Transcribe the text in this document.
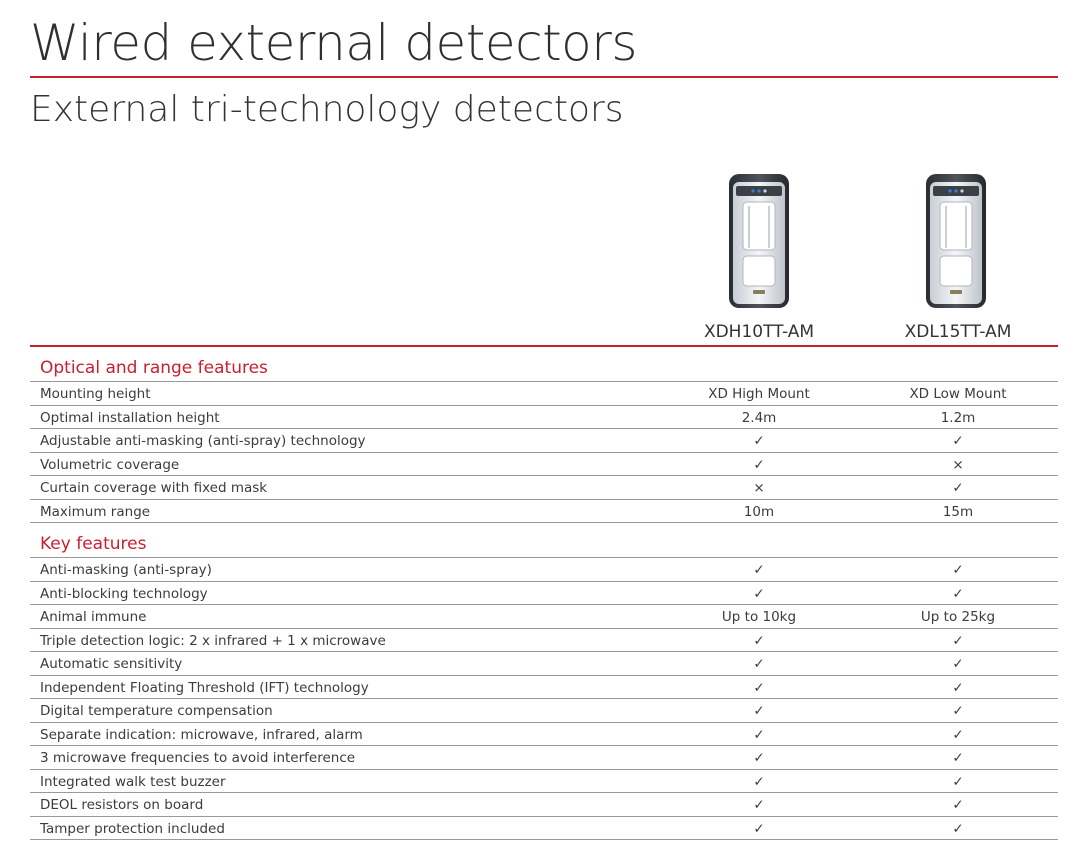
Wired external detectors
External tri-technology detectors
XDH10TT-AM	XDL15TT-AM
Optical and range features
Mounting height	XD High Mount	XD Low Mount
Optimal installation height	2.4m	1.2m
Adjustable anti-masking (anti-spray) technology	✓	✓
Volumetric coverage	✓	×
Curtain coverage with fixed mask	×	✓
Maximum range	10m	15m
Key features
Anti-masking (anti-spray)	✓	✓
Anti-blocking technology	✓	✓
Animal immune	Up to 10kg	Up to 25kg
Triple detection logic: 2 x infrared + 1 x microwave	✓	✓
Automatic sensitivity	✓	✓
Independent Floating Threshold (IFT) technology	✓	✓
Digital temperature compensation	✓	✓
Separate indication: microwave, infrared, alarm	✓	✓
3 microwave frequencies to avoid interference	✓	✓
Integrated walk test buzzer	✓	✓
DEOL resistors on board	✓	✓
Tamper protection included	✓	✓
